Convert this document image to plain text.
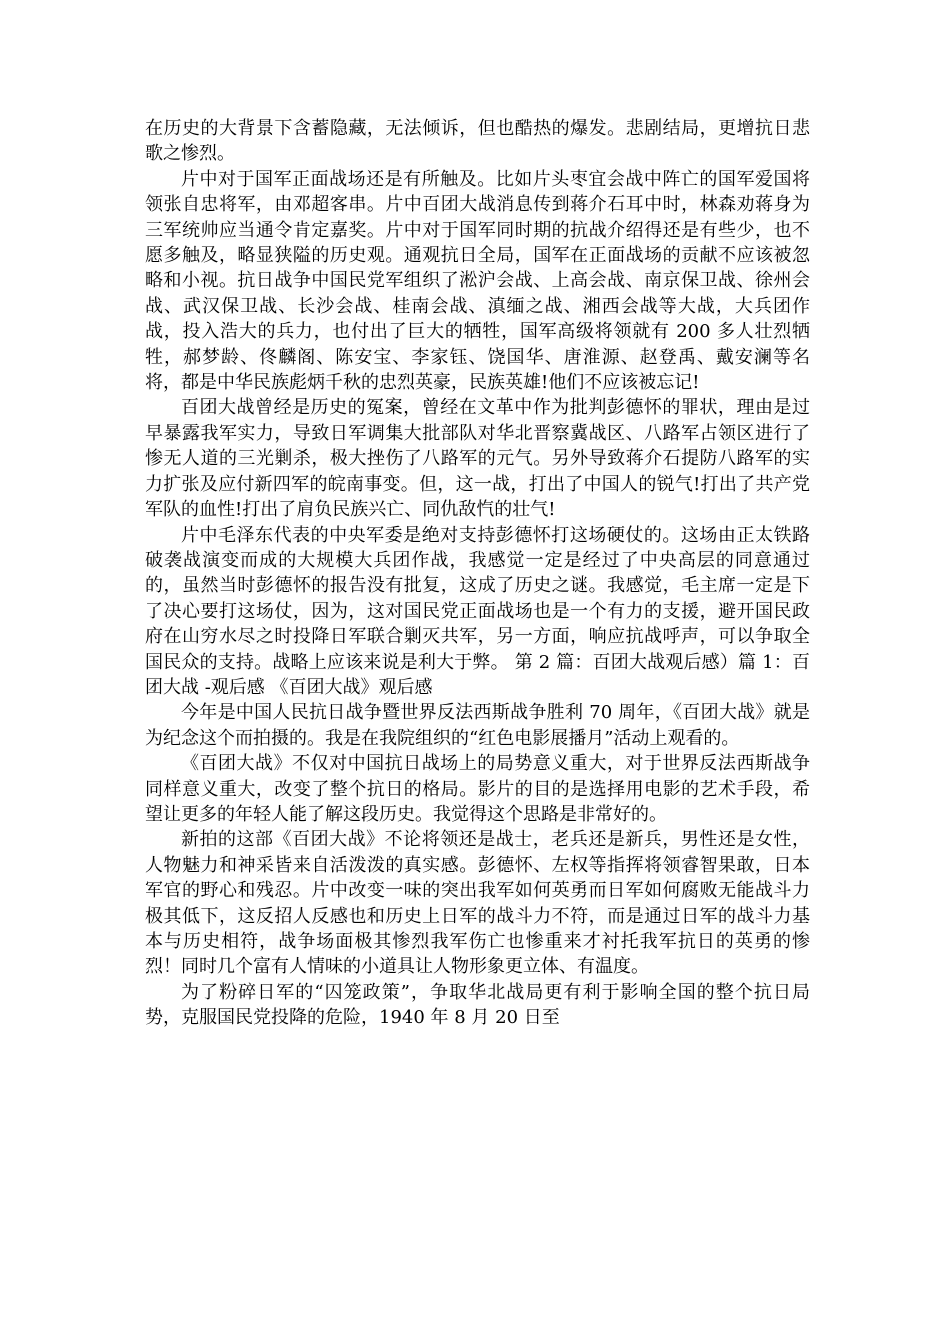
在历史的大背景下含蓄隐藏，无法倾诉，但也酷热的爆发。悲剧结局，更增抗日悲歌之惨烈。

片中对于国军正面战场还是有所触及。比如片头枣宜会战中阵亡的国军爱国将领张自忠将军，由邓超客串。片中百团大战消息传到蒋介石耳中时，林森劝蒋身为三军统帅应当通令肯定嘉奖。片中对于国军同时期的抗战介绍得还是有些少，也不愿多触及，略显狭隘的历史观。通观抗日全局，国军在正面战场的贡献不应该被忽略和小视。抗日战争中国民党军组织了淞沪会战、上高会战、南京保卫战、徐州会战、武汉保卫战、长沙会战、桂南会战、滇缅之战、湘西会战等大战，大兵团作战，投入浩大的兵力，也付出了巨大的牺牲，国军高级将领就有 200 多人壮烈牺牲，郝梦龄、佟麟阁、陈安宝、李家钰、饶国华、唐淮源、赵登禹、戴安澜等名将，都是中华民族彪炳千秋的忠烈英豪，民族英雄!他们不应该被忘记!

百团大战曾经是历史的冤案，曾经在文革中作为批判彭德怀的罪状，理由是过早暴露我军实力，导致日军调集大批部队对华北晋察冀战区、八路军占领区进行了惨无人道的三光剿杀，极大挫伤了八路军的元气。另外导致蒋介石提防八路军的实力扩张及应付新四军的皖南事变。但，这一战，打出了中国人的锐气!打出了共产党军队的血性!打出了肩负民族兴亡、同仇敌忾的壮气!

片中毛泽东代表的中央军委是绝对支持彭德怀打这场硬仗的。这场由正太铁路破袭战演变而成的大规模大兵团作战，我感觉一定是经过了中央高层的同意通过的，虽然当时彭德怀的报告没有批复，这成了历史之谜。我感觉，毛主席一定是下了决心要打这场仗，因为，这对国民党正面战场也是一个有力的支援，避开国民政府在山穷水尽之时投降日军联合剿灭共军，另一方面，响应抗战呼声，可以争取全国民众的支持。战略上应该来说是利大于弊。 第 2 篇：百团大战观后感）篇 1：百团大战 -观后感 《百团大战》观后感

今年是中国人民抗日战争暨世界反法西斯战争胜利 70 周年，《百团大战》就是为纪念这个而拍摄的。我是在我院组织的“红色电影展播月”活动上观看的。

《百团大战》不仅对中国抗日战场上的局势意义重大，对于世界反法西斯战争同样意义重大，改变了整个抗日的格局。影片的目的是选择用电影的艺术手段，希望让更多的年轻人能了解这段历史。我觉得这个思路是非常好的。

新拍的这部《百团大战》不论将领还是战士，老兵还是新兵，男性还是女性，人物魅力和神采皆来自活泼泼的真实感。彭德怀、左权等指挥将领睿智果敢，日本军官的野心和残忍。片中改变一味的突出我军如何英勇而日军如何腐败无能战斗力极其低下，这反招人反感也和历史上日军的战斗力不符，而是通过日军的战斗力基本与历史相符，战争场面极其惨烈我军伤亡也惨重来才衬托我军抗日的英勇的惨烈！同时几个富有人情味的小道具让人物形象更立体、有温度。

为了粉碎日军的“囚笼政策”，争取华北战局更有利于影响全国的整个抗日局势，克服国民党投降的危险，1940 年 8 月 20 日至
